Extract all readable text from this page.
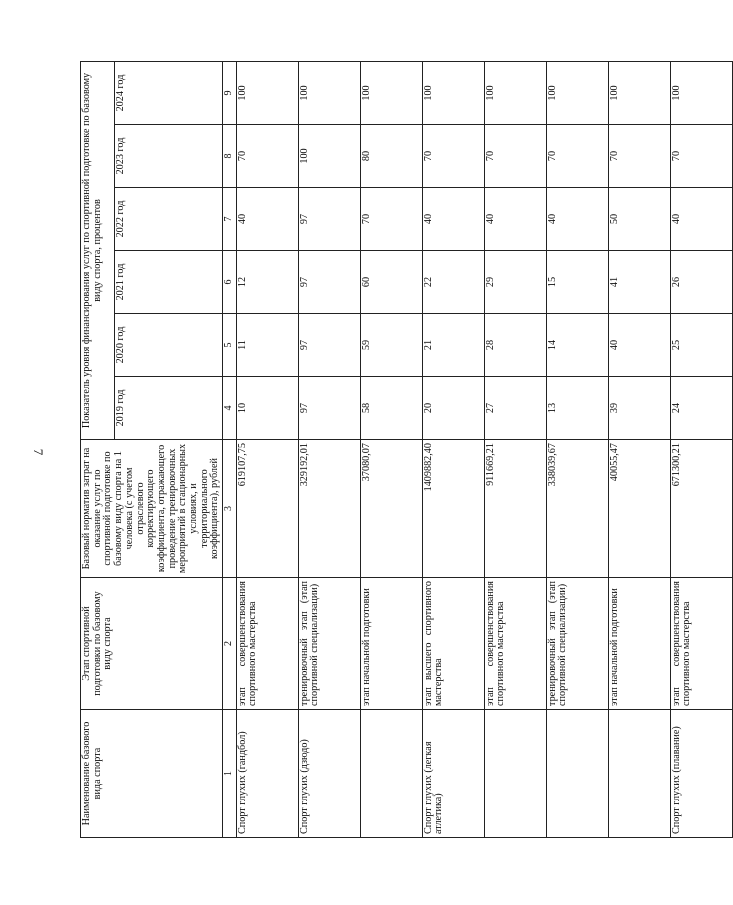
7
Наименование базового вида спорта	Этап спортивной подготовки по базовому виду спорта	Базовый норматив затрат на оказание услуг по спортивной подготовке по базовому виду спорта на 1 человека (с учетом отраслевого корректирующего коэффициента, отражающего проведение тренировочных мероприятий в стационарных условиях, и территориального коэффициента), рублей	Показатель уровня финансирования услуг по спортивной подготовке по базовому виду спорта, процентов					
			2019 год	2020 год	2021 год	2022 год	2023 год	2024 год
1	2	3	4	5	6	7	8	9
Спорт глухих (гандбол)	этап совершенствования спортивного мастерства	619107,75	10	11	12	40	70	100
Спорт глухих (дзюдо)	тренировочный этап (этап спортивной специализации)	329192,01	97	97	97	97	100	100
	этап начальной подготовки	37080,07	58	59	60	70	80	100
Спорт глухих (легкая атлетика)	этап высшего спортивного мастерства	1409882,40	20	21	22	40	70	100
	этап совершенствования спортивного мастерства	911669,21	27	28	29	40	70	100
	тренировочный этап (этап спортивной специализации)	338039,67	13	14	15	40	70	100
	этап начальной подготовки	40055,47	39	40	41	50	70	100
Спорт глухих (плавание)	этап совершенствования спортивного мастерства	671300,21	24	25	26	40	70	100
